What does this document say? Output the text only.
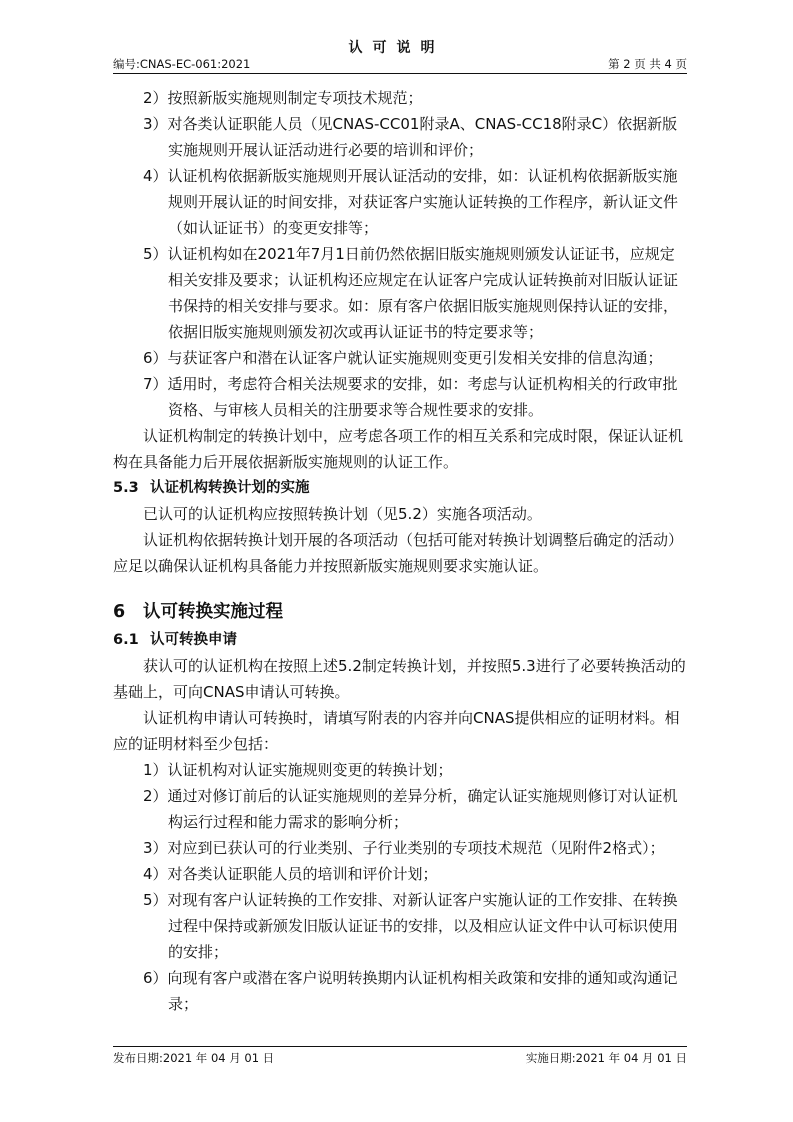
认可说明
编号:CNAS-EC-061:2021	第 2 页 共 4 页

2）按照新版实施规则制定专项技术规范；

3）对各类认证职能人员（见CNAS-CC01附录A、CNAS-CC18附录C）依据新版实施规则开展认证活动进行必要的培训和评价；

4）认证机构依据新版实施规则开展认证活动的安排，如：认证机构依据新版实施规则开展认证的时间安排，对获证客户实施认证转换的工作程序，新认证文件（如认证证书）的变更安排等；

5）认证机构如在2021年7月1日前仍然依据旧版实施规则颁发认证证书，应规定相关安排及要求；认证机构还应规定在认证客户完成认证转换前对旧版认证证书保持的相关安排与要求。如：原有客户依据旧版实施规则保持认证的安排，依据旧版实施规则颁发初次或再认证证书的特定要求等；

6）与获证客户和潜在认证客户就认证实施规则变更引发相关安排的信息沟通；

7）适用时，考虑符合相关法规要求的安排，如：考虑与认证机构相关的行政审批资格、与审核人员相关的注册要求等合规性要求的安排。

认证机构制定的转换计划中，应考虑各项工作的相互关系和完成时限，保证认证机构在具备能力后开展依据新版实施规则的认证工作。

5.3 认证机构转换计划的实施

已认可的认证机构应按照转换计划（见5.2）实施各项活动。

认证机构依据转换计划开展的各项活动（包括可能对转换计划调整后确定的活动）应足以确保认证机构具备能力并按照新版实施规则要求实施认证。

6 认可转换实施过程

6.1 认可转换申请

获认可的认证机构在按照上述5.2制定转换计划，并按照5.3进行了必要转换活动的基础上，可向CNAS申请认可转换。

认证机构申请认可转换时，请填写附表的内容并向CNAS提供相应的证明材料。相应的证明材料至少包括：

1）认证机构对认证实施规则变更的转换计划；

2）通过对修订前后的认证实施规则的差异分析，确定认证实施规则修订对认证机构运行过程和能力需求的影响分析；

3）对应到已获认可的行业类别、子行业类别的专项技术规范（见附件2格式）；

4）对各类认证职能人员的培训和评价计划；

5）对现有客户认证转换的工作安排、对新认证客户实施认证的工作安排、在转换过程中保持或新颁发旧版认证证书的安排，以及相应认证文件中认可标识使用的安排；

6）向现有客户或潜在客户说明转换期内认证机构相关政策和安排的通知或沟通记录；

发布日期:2021 年 04 月 01 日	实施日期:2021 年 04 月 01 日
